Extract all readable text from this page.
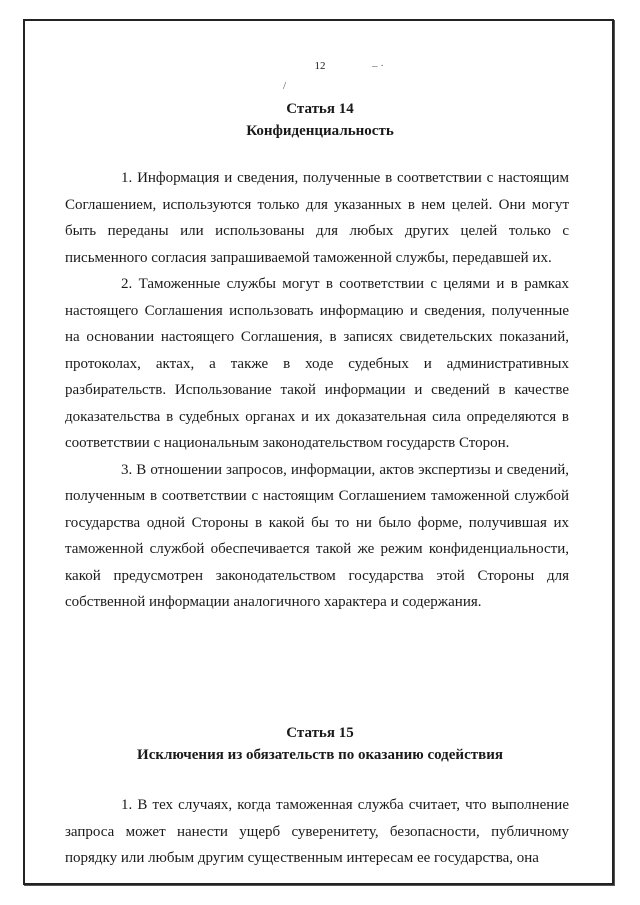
12	‒ ·
/
Статья 14
Конфиденциальность

1. Информация и сведения, полученные в соответствии с настоящим Соглашением, используются только для указанных в нем целей. Они могут быть переданы или использованы для любых других целей только с письменного согласия запрашиваемой таможенной службы, передавшей их.

2. Таможенные службы могут в соответствии с целями и в рамках настоящего Соглашения использовать информацию и сведения, полученные на основании настоящего Соглашения, в записях свидетельских показаний, протоколах, актах, а также в ходе судебных и административных разбирательств. Использование такой информации и сведений в качестве доказательства в судебных органах и их доказательная сила определяются в соответствии с национальным законодательством государств Сторон.

3. В отношении запросов, информации, актов экспертизы и сведений, полученным в соответствии с настоящим Соглашением таможенной службой государства одной Стороны в какой бы то ни было форме, получившая их таможенной службой обеспечивается такой же режим конфиденциальности, какой предусмотрен законодательством государства этой Стороны для собственной информации аналогичного характера и содержания.

Статья 15
Исключения из обязательств по оказанию содействия

1. В тех случаях, когда таможенная служба считает, что выполнение запроса может нанести ущерб суверенитету, безопасности, публичному порядку или любым другим существенным интересам ее государства, она
